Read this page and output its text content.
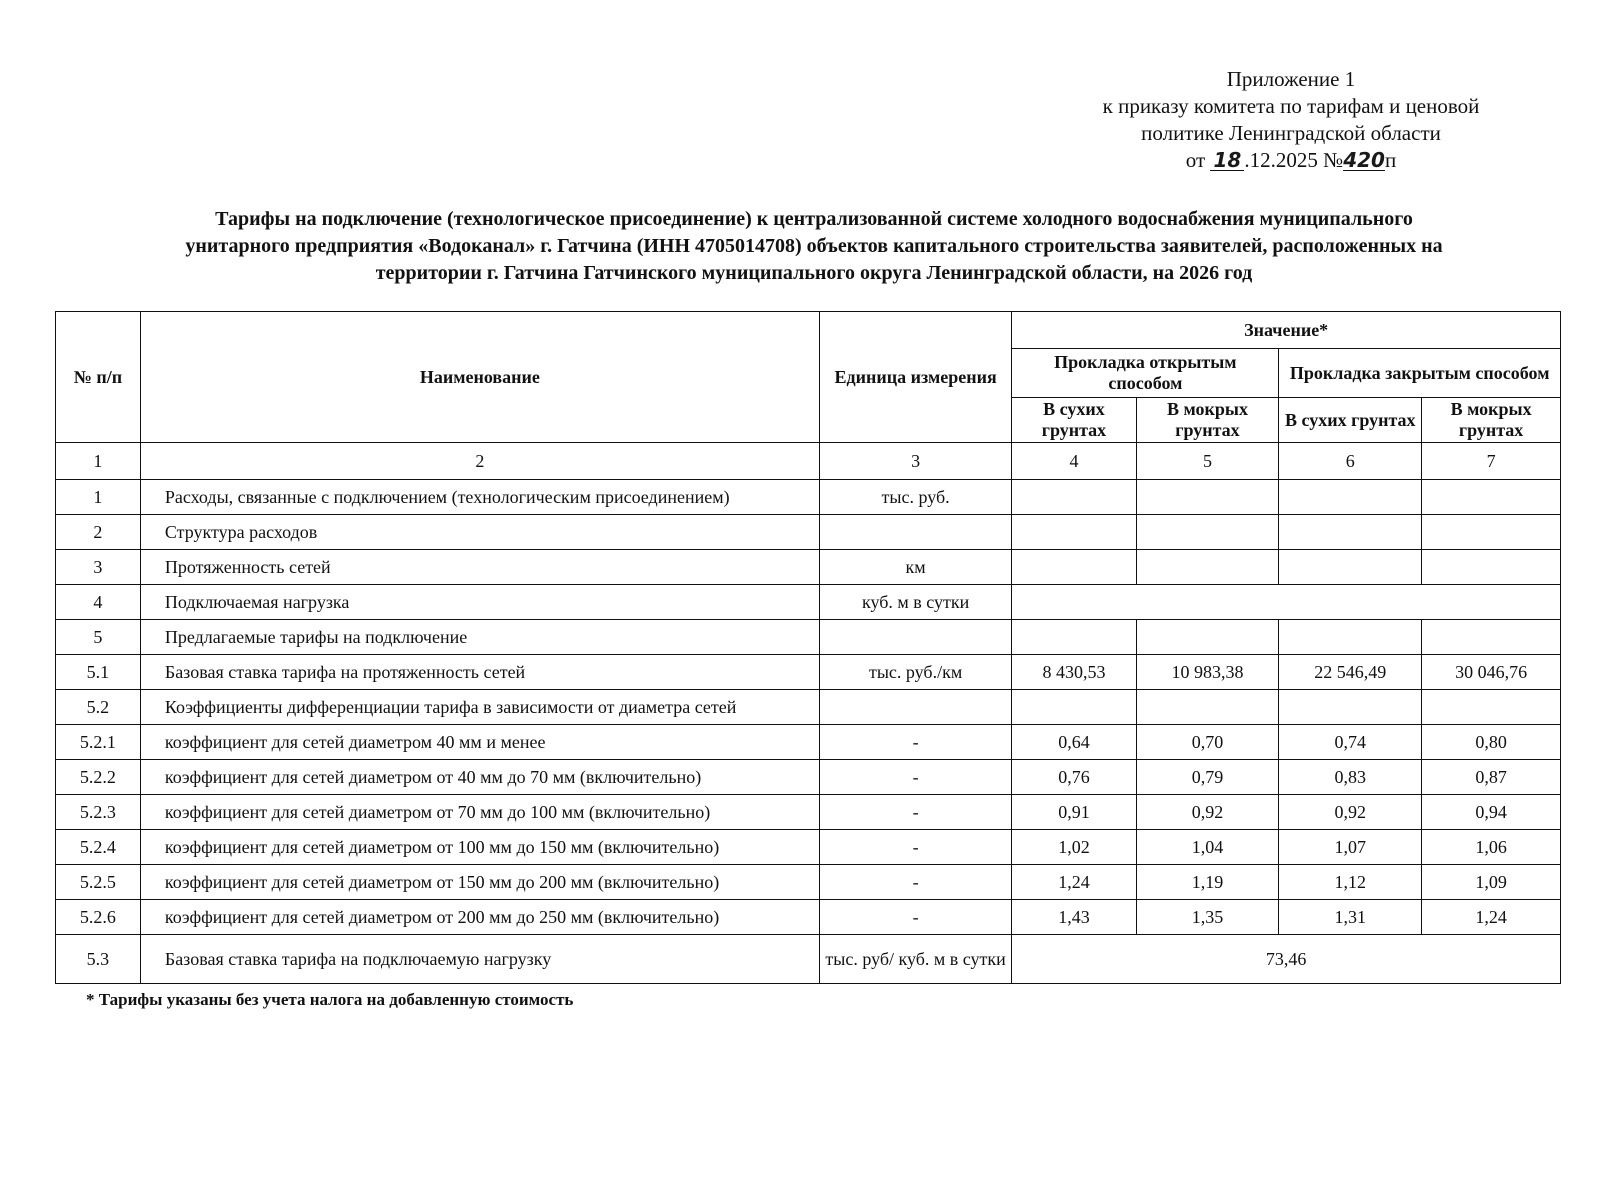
Приложение 1
к приказу комитета по тарифам и ценовой
политике Ленинградской области
от 18 .12.2025 №420п
Тарифы на подключение (технологическое присоединение) к централизованной системе холодного водоснабжения муниципального
унитарного предприятия «Водоканал» г. Гатчина (ИНН 4705014708) объектов капитального строительства заявителей, расположенных на
территории г. Гатчина Гатчинского муниципального округа Ленинградской области, на 2026 год
№ п/п	Наименование	Единица измерения	Значение*			
			Прокладка открытым способом		Прокладка закрытым способом	
			В сухих грунтах	В мокрых грунтах	В сухих грунтах	В мокрых грунтах
1	2	3	4	5	6	7
1	Расходы, связанные с подключением (технологическим присоединением)	тыс. руб.				
2	Структура расходов					
3	Протяженность сетей	км				
4	Подключаемая нагрузка	куб. м в сутки				
5	Предлагаемые тарифы на подключение					
5.1	Базовая ставка тарифа на протяженность сетей	тыс. руб./км	8 430,53	10 983,38	22 546,49	30 046,76
5.2	Коэффициенты дифференциации тарифа в зависимости от диаметра сетей					
5.2.1	коэффициент для сетей диаметром 40 мм и менее	-	0,64	0,70	0,74	0,80
5.2.2	коэффициент для сетей диаметром от 40 мм до 70 мм (включительно)	-	0,76	0,79	0,83	0,87
5.2.3	коэффициент для сетей диаметром от 70 мм до 100 мм (включительно)	-	0,91	0,92	0,92	0,94
5.2.4	коэффициент для сетей диаметром от 100 мм до 150 мм (включительно)	-	1,02	1,04	1,07	1,06
5.2.5	коэффициент для сетей диаметром от 150 мм до 200 мм (включительно)	-	1,24	1,19	1,12	1,09
5.2.6	коэффициент для сетей диаметром от 200 мм до 250 мм (включительно)	-	1,43	1,35	1,31	1,24
5.3	Базовая ставка тарифа на подключаемую нагрузку	тыс. руб/ куб. м в сутки	73,46			
* Тарифы указаны без учета налога на добавленную стоимость
